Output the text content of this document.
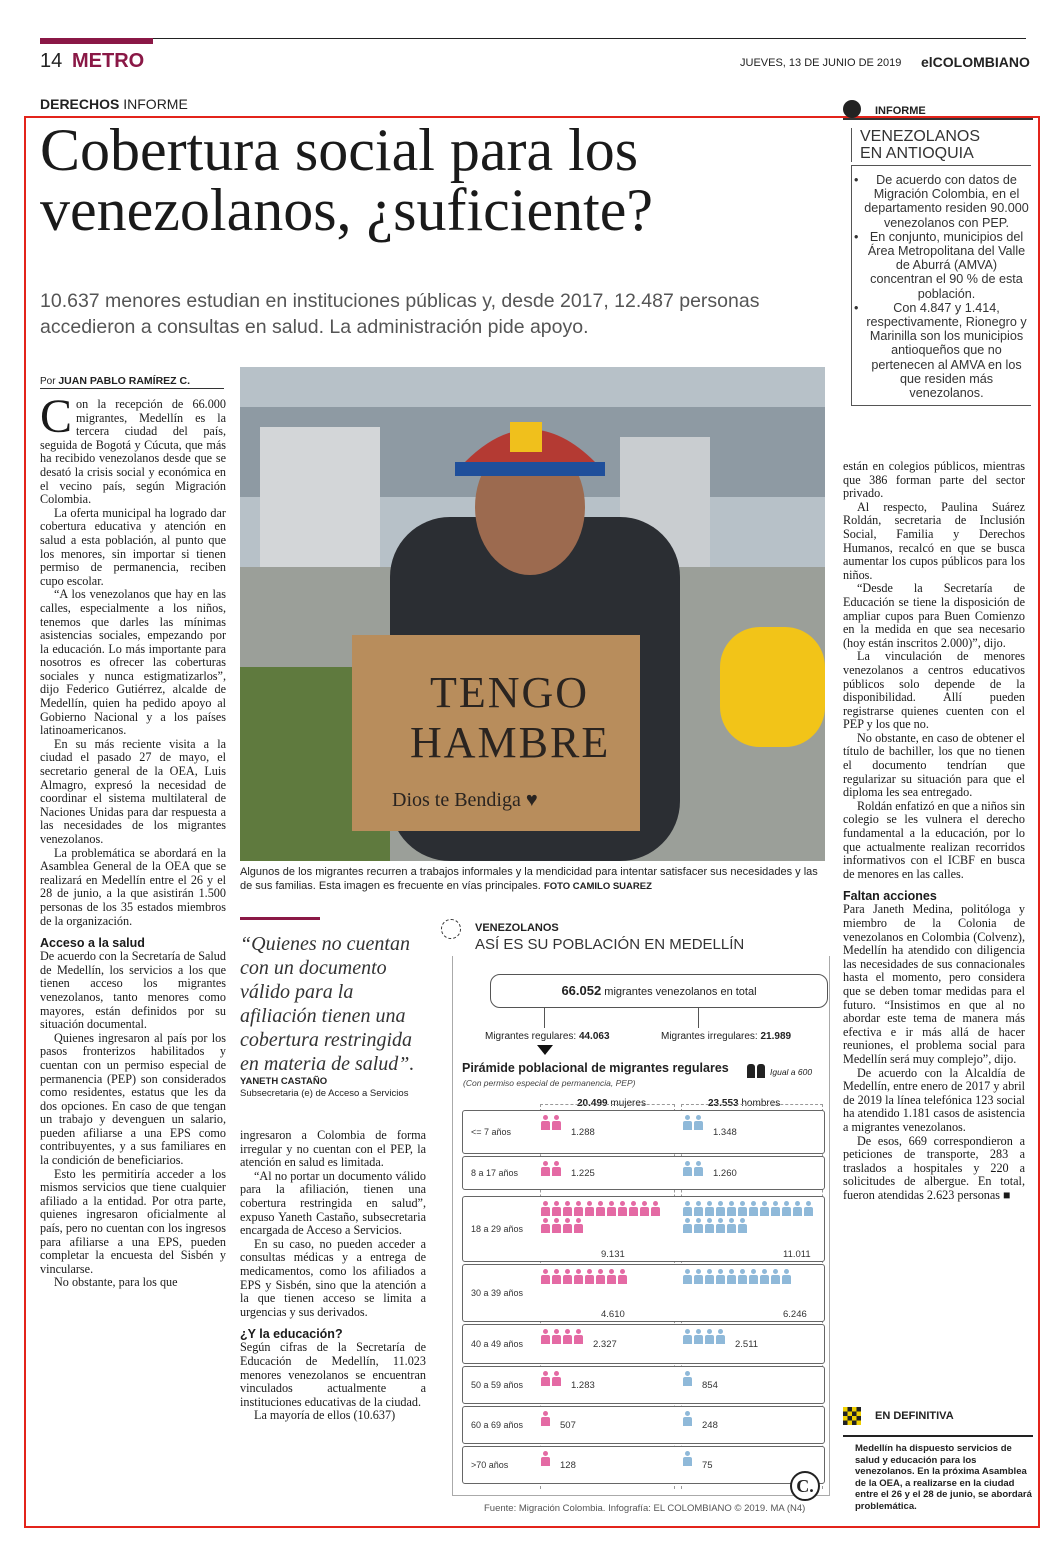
14 METRO	JUEVES, 13 DE JUNIO DE 2019 elCOLOMBIANO
DERECHOS INFORME
Cobertura social para los venezolanos, ¿suficiente?
10.637 menores estudian en instituciones públicas y, desde 2017, 12.487 personas accedieron a consultas en salud. La administración pide apoyo.
Por JUAN PABLO RAMÍREZ C.
C on la recepción de 66.000 migrantes, Medellín es la tercera ciudad del país, seguida de Bogotá y Cúcuta, que más ha recibido venezolanos desde que se desató la crisis social y económica en el vecino país, según Migración Colombia.

La oferta municipal ha logrado dar cobertura educativa y atención en salud a esta población, al punto que los menores, sin importar si tienen permiso de permanencia, reciben cupo escolar.

“A los venezolanos que hay en las calles, especialmente a los niños, tenemos que darles las mínimas asistencias sociales, empezando por la educación. Lo más importante para nosotros es ofrecer las coberturas sociales y nunca estigmatizarlos”, dijo Federico Gutiérrez, alcalde de Medellín, quien ha pedido apoyo al Gobierno Nacional y a los países latinoamericanos.

En su más reciente visita a la ciudad el pasado 27 de mayo, el secretario general de la OEA, Luis Almagro, expresó la necesidad de coordinar el sistema multilateral de Naciones Unidas para dar respuesta a las necesidades de los migrantes venezolanos.

La problemática se abordará en la Asamblea General de la OEA que se realizará en Medellín entre el 26 y el 28 de junio, a la que asistirán 1.500 personas de los 35 estados miembros de la organización.

Acceso a la salud

De acuerdo con la Secretaría de Salud de Medellín, los servicios a los que tienen acceso los migrantes venezolanos, tanto menores como mayores, están definidos por su situación documental.

Quienes ingresaron al país por los pasos fronterizos habilitados y cuentan con un permiso especial de permanencia (PEP) son considerados como residentes, estatus que les da dos opciones. En caso de que tengan un trabajo y devenguen un salario, pueden afiliarse a una EPS como contribuyentes, y a sus familiares en la condición de beneficiarios.

Esto les permitiría acceder a los mismos servicios que tiene cualquier afiliado a la entidad. Por otra parte, quienes ingresaron oficialmente al país, pero no cuentan con los ingresos para afiliarse a una EPS, pueden completar la encuesta del Sisbén y vincularse.

No obstante, para los que

TENGO
HAMBRE
Dios te Bendiga ♥
Algunos de los migrantes recurren a trabajos informales y la mendicidad para intentar satisfacer sus necesidades y las de sus familias. Esta imagen es frecuente en vías principales. FOTO CAMILO SUAREZ
“Quienes no cuentan con un documento válido para la afiliación tienen una cobertura restringida en materia de salud”.
YANETH CASTAÑO
Subsecretaria (e) de Acceso a Servicios

ingresaron a Colombia de forma irregular y no cuentan con el PEP, la atención en salud es limitada.

“Al no portar un documento válido para la afiliación, tienen una cobertura restringida en salud”, expuso Yaneth Castaño, subsecretaria encargada de Acceso a Servicios.

En su caso, no pueden acceder a consultas médicas y a entrega de medicamentos, como los afiliados a EPS y Sisbén, sino que la atención a la que tienen acceso se limita a urgencias y sus derivados.

¿Y la educación?

Según cifras de la Secretaría de Educación de Medellín, 11.023 menores venezolanos se encuentran vinculados actualmente a instituciones educativas de la ciudad.

La mayoría de ellos (10.637)

INFORME
VENEZOLANOS
EN ANTIOQUIA
• De acuerdo con datos de Migración Colombia, en el departamento residen 90.000 venezolanos con PEP.
• En conjunto, municipios del Área Metropolitana del Valle de Aburrá (AMVA) concentran el 90 % de esta población.
• Con 4.847 y 1.414, respectivamente, Rionegro y Marinilla son los municipios antioqueños que no pertenecen al AMVA en los que residen más venezolanos.

están en colegios públicos, mientras que 386 forman parte del sector privado.

Al respecto, Paulina Suárez Roldán, secretaria de Inclusión Social, Familia y Derechos Humanos, recalcó en que se busca aumentar los cupos públicos para los niños.

“Desde la Secretaría de Educación se tiene la disposición de ampliar cupos para Buen Comienzo en la medida en que sea necesario (hoy están inscritos 2.000)”, dijo.

La vinculación de menores venezolanos a centros educativos públicos solo depende de la disponibilidad. Allí pueden registrarse quienes cuenten con el PEP y los que no.

No obstante, en caso de obtener el título de bachiller, los que no tienen el documento tendrían que regularizar su situación para que el diploma les sea entregado.

Roldán enfatizó en que a niños sin colegio se les vulnera el derecho fundamental a la educación, por lo que actualmente realizan recorridos informativos con el ICBF en busca de menores en las calles.

Faltan acciones

Para Janeth Medina, politóloga y miembro de la Colonia de venezolanos en Colombia (Colvenz), Medellín ha atendido con diligencia las necesidades de sus connacionales hasta el momento, pero considera que se deben tomar medidas para el futuro. “Insistimos en que al no abordar este tema de manera más efectiva e ir más allá de hacer reuniones, el problema social para Medellín será muy complejo”, dijo.

De acuerdo con la Alcaldía de Medellín, entre enero de 2017 y abril de 2019 la línea telefónica 123 social ha atendido 1.181 casos de asistencia a migrantes venezolanos.

De esos, 669 correspondieron a peticiones de transporte, 283 a traslados a hospitales y 220 a solicitudes de albergue. En total, fueron atendidas 2.623 personas ■

VENEZOLANOS
ASÍ ES SU POBLACIÓN EN MEDELLÍN
66.052 migrantes venezolanos en total
Migrantes regulares: 44.063	Migrantes irregulares: 21.989
Pirámide poblacional de migrantes regulares
(Con permiso especial de permanencia, PEP)
Igual a 600
20.499 mujeres	23.553 hombres
<= 7 años	1.288	1.348
8 a 17 años	1.225	1.260
18 a 29 años
9.131	11.011
30 a 39 años
4.610	6.246
40 a 49 años	2.327	2.511
50 a 59 años	1.283	854
60 a 69 años	507	248
>70 años	128	75
Fuente: Migración Colombia. Infografía: EL COLOMBIANO © 2019. MA (N4)
C.
EN DEFINITIVA
Medellín ha dispuesto servicios de salud y educación para los venezolanos. En la próxima Asamblea de la OEA, a realizarse en la ciudad entre el 26 y el 28 de junio, se abordará problemática.
